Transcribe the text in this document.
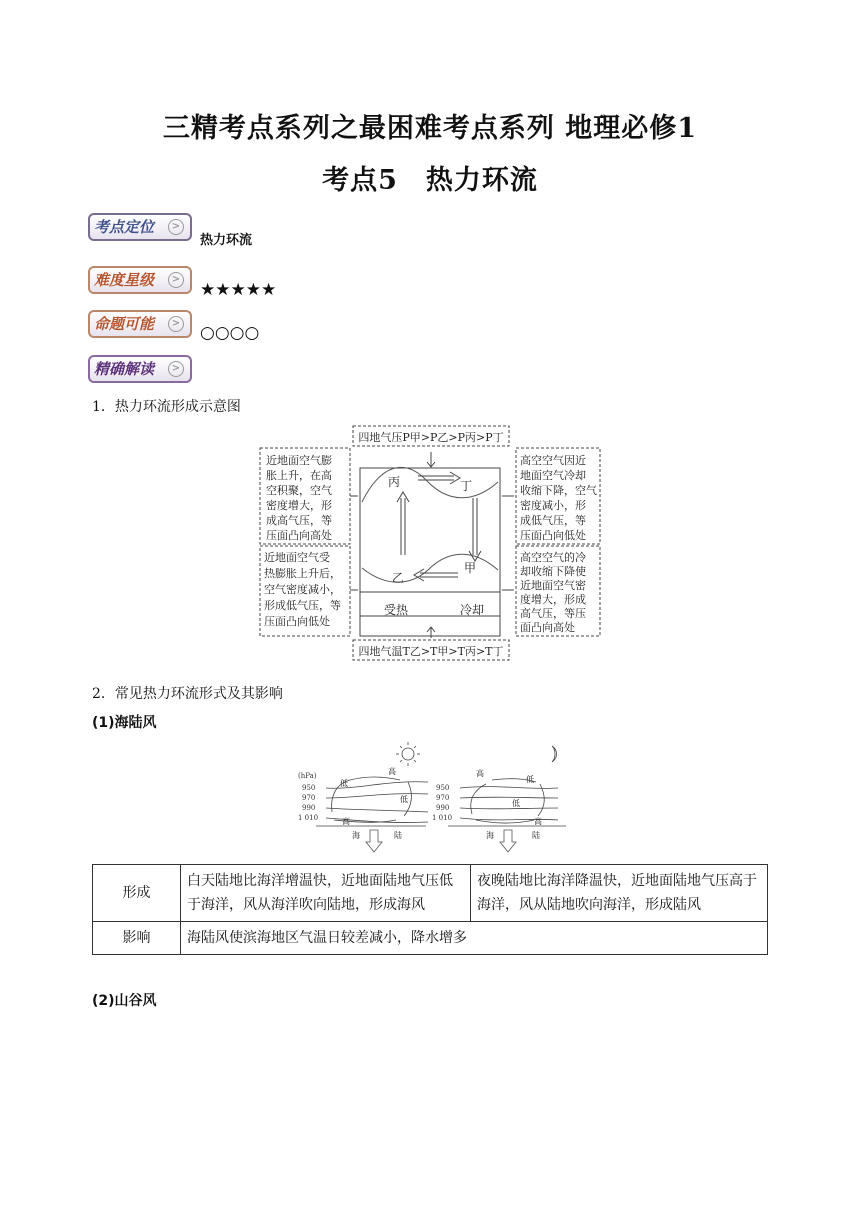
三精考点系列之最困难考点系列 地理必修1
考点5　热力环流
考点定位	>
热力环流
难度星级	>
★★★★★
命题可能	> ○○○○
精确解读	>
1．热力环流形成示意图
四地气压P甲>P乙>P丙>P丁
四地气温T乙>T甲>T丙>T丁
丙	丁
乙
甲
受热	冷却
近地面空气膨
胀上升，在高
空积聚，空气
密度增大，形
成高气压，等
压面凸向高处
近地面空气受
热膨胀上升后，
空气密度减小，
形成低气压，等
压面凸向低处
高空空气因近
地面空气冷却
收缩下降，空气
密度减小，形
成低气压，等
压面凸向低处
高空空气的冷
却收缩下降使
近地面空气密
度增大，形成
高气压，等压
面凸向高处
2．常见热力环流形式及其影响
(1)海陆风
(hPa)
950
970
990
1 010
950
970
990
1 010
低
高
低
高
海	陆
高
低
低
高
海	陆
形成	白天陆地比海洋增温快，近地面陆地气压低于海洋，风从海洋吹向陆地，形成海风	夜晚陆地比海洋降温快，近地面陆地气压高于海洋，风从陆地吹向海洋，形成陆风
影响	海陆风使滨海地区气温日较差减小，降水增多	
(2)山谷风
